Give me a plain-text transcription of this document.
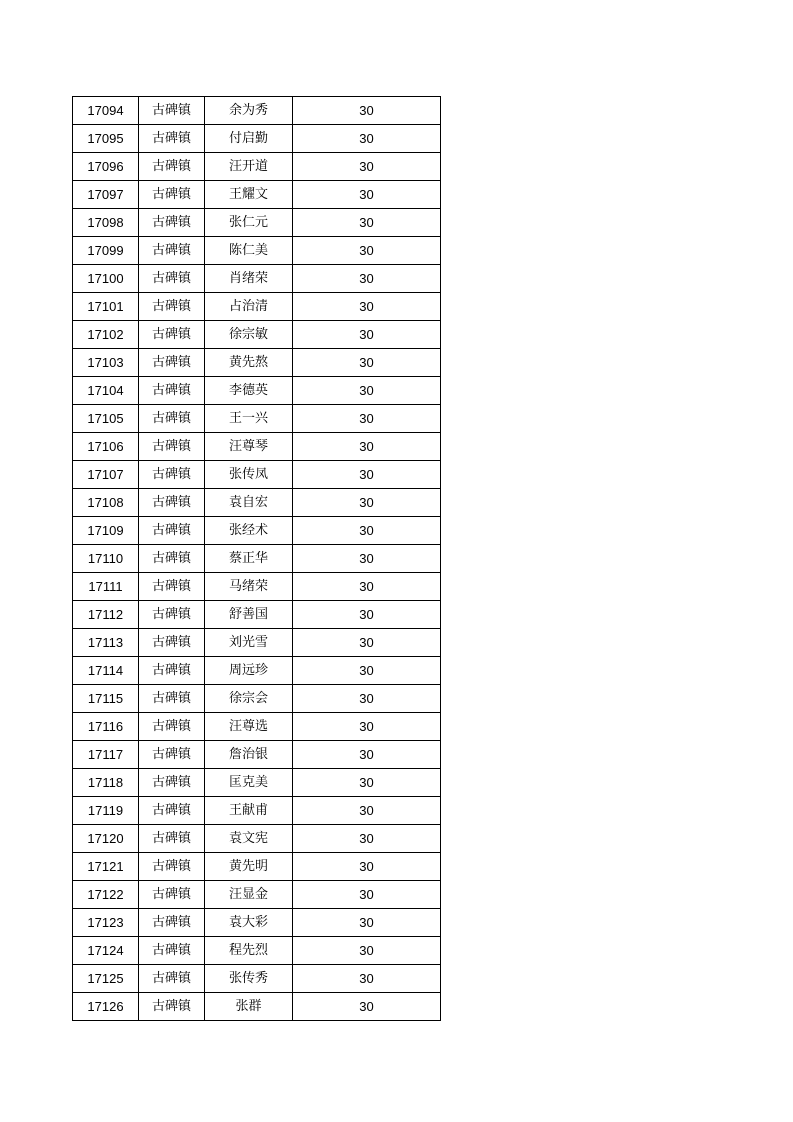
17094	古碑镇	余为秀	30
17095	古碑镇	付启勤	30
17096	古碑镇	汪开道	30
17097	古碑镇	王耀文	30
17098	古碑镇	张仁元	30
17099	古碑镇	陈仁美	30
17100	古碑镇	肖绪荣	30
17101	古碑镇	占治清	30
17102	古碑镇	徐宗敏	30
17103	古碑镇	黄先熬	30
17104	古碑镇	李德英	30
17105	古碑镇	王一兴	30
17106	古碑镇	汪尊琴	30
17107	古碑镇	张传凤	30
17108	古碑镇	袁自宏	30
17109	古碑镇	张经术	30
17110	古碑镇	蔡正华	30
17111	古碑镇	马绪荣	30
17112	古碑镇	舒善国	30
17113	古碑镇	刘光雪	30
17114	古碑镇	周远珍	30
17115	古碑镇	徐宗会	30
17116	古碑镇	汪尊选	30
17117	古碑镇	詹治银	30
17118	古碑镇	匡克美	30
17119	古碑镇	王献甫	30
17120	古碑镇	袁文宪	30
17121	古碑镇	黄先明	30
17122	古碑镇	汪显金	30
17123	古碑镇	袁大彩	30
17124	古碑镇	程先烈	30
17125	古碑镇	张传秀	30
17126	古碑镇	张群	30
